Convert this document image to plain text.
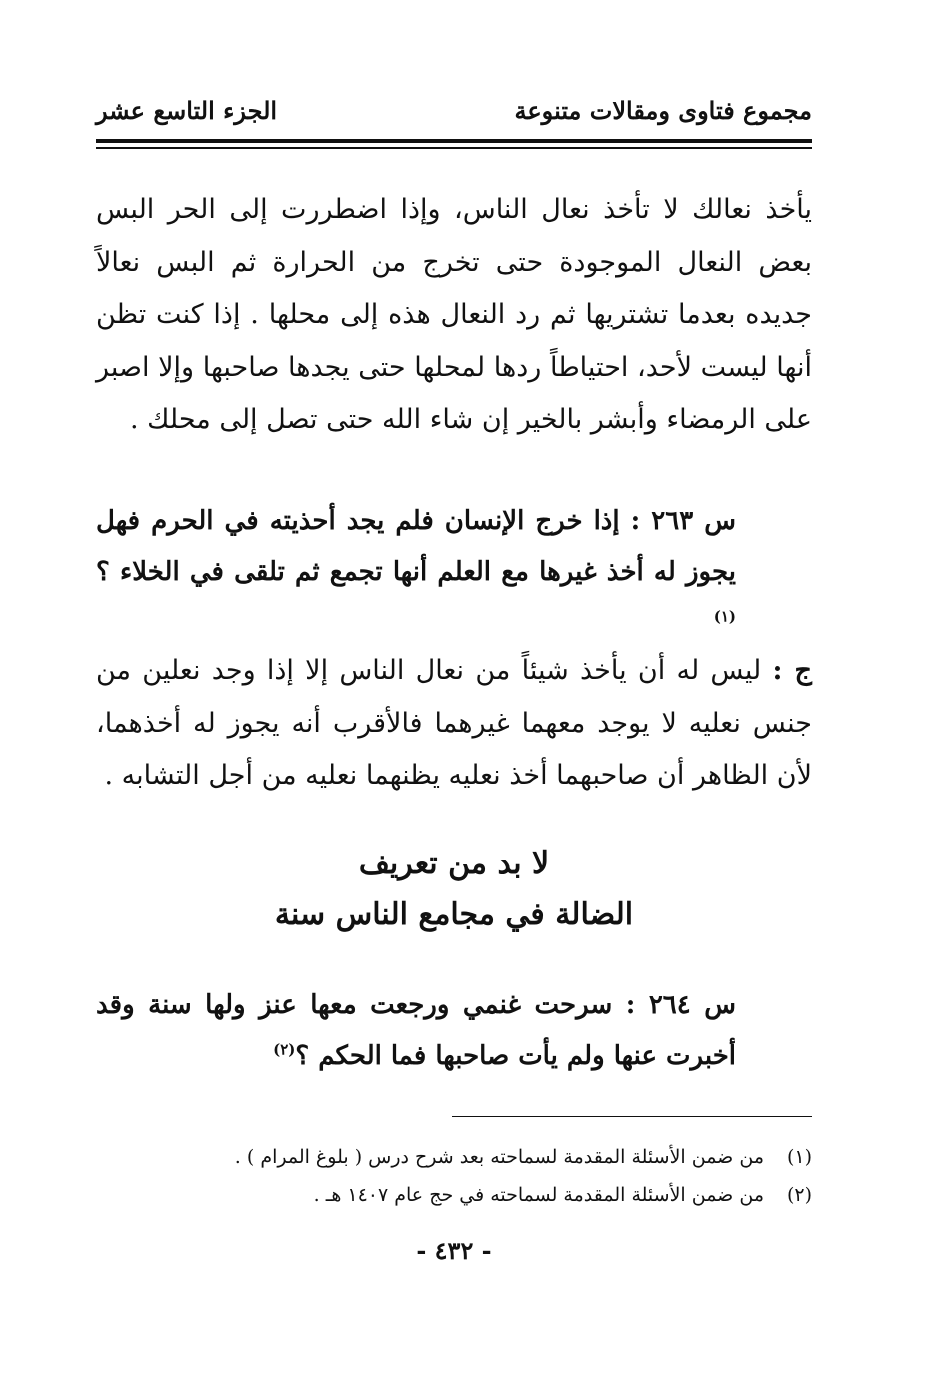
مجموع فتاوى ومقالات متنوعة
الجزء التاسع عشر
يأخذ نعالك لا تأخذ نعال الناس، وإذا اضطررت إلى الحر البس بعض النعال الموجودة حتى تخرج من الحرارة ثم البس نعالاً جديده بعدما تشتريها ثم رد النعال هذه إلى محلها . إذا كنت تظن أنها ليست لأحد، احتياطاً ردها لمحلها حتى يجدها صاحبها وإلا اصبر على الرمضاء وأبشر بالخير إن شاء الله حتى تصل إلى محلك .
س ٢٦٣ : إذا خرج الإنسان فلم يجد أحذيته في الحرم فهل يجوز له أخذ غيرها مع العلم أنها تجمع ثم تلقى في الخلاء ؟$^{(١)}$
ج : ليس له أن يأخذ شيئاً من نعال الناس إلا إذا وجد نعلين من جنس نعليه لا يوجد معهما غيرهما فالأقرب أنه يجوز له أخذهما، لأن الظاهر أن صاحبهما أخذ نعليه يظنهما نعليه من أجل التشابه .
لا بد من تعريف
الضالة في مجامع الناس سنة
س ٢٦٤ : سرحت غنمي ورجعت معها عنز ولها سنة وقد أخبرت عنها ولم يأت صاحبها فما الحكم ؟$^{(٢)}$
(١)من ضمن الأسئلة المقدمة لسماحته بعد شرح درس ( بلوغ المرام ) .
(٢)من ضمن الأسئلة المقدمة لسماحته في حج عام ١٤٠٧ هـ .
- ٤٣٢ -
